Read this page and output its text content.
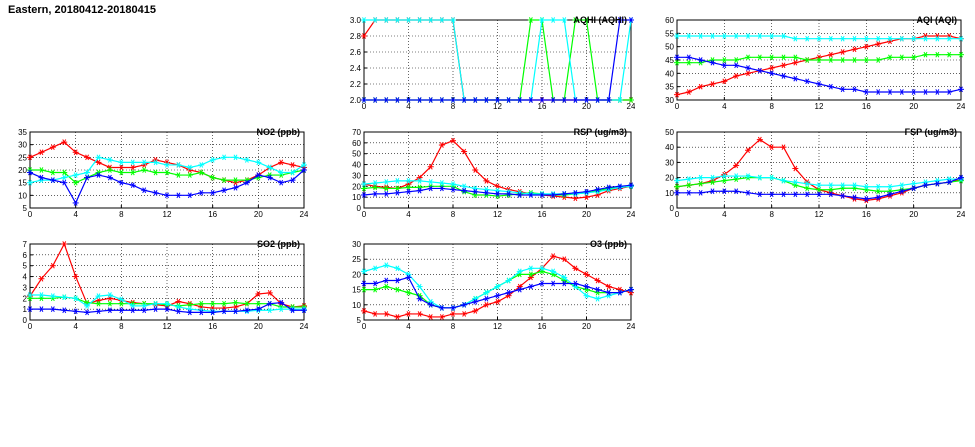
Eastern, 20180412-20180415
0	4	8	12	16	20	24
2.0
2.2
2.4
2.6
2.8
3.0	AQHI (AQHI)
0	4	8	12	16	20	24
30
35
40
45
50
55
60	AQI (AQI)
0	4	8	12	16	20	24
5
10
15
20
25
30
35	NO2 (ppb)
0	4	8	12	16	20	24
0
10
20
30
40
50
60
70	RSP (ug/m3)
0	4	8	12	16	20	24
0
10
20
30
40
50	FSP (ug/m3)
0	4	8	12	16	20	24
0
1
2
3
4
5
6
7	SO2 (ppb)
0	4	8	12	16	20	24
5
10
15
20
25
30	O3 (ppb)
